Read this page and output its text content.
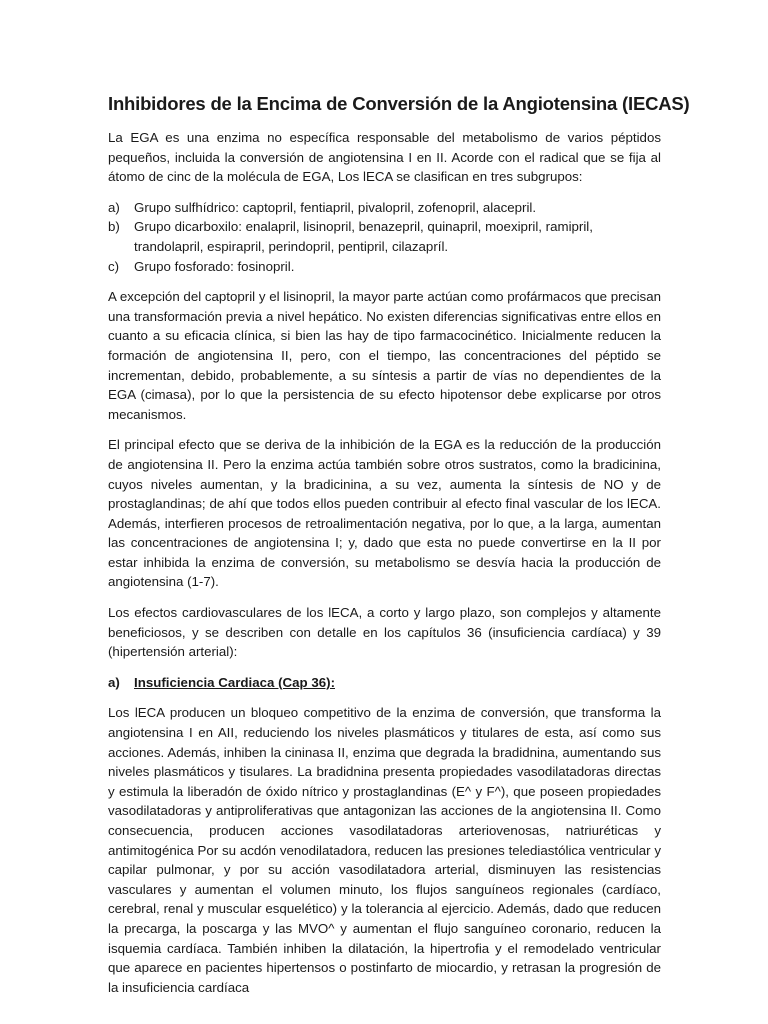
Inhibidores de la Encima de Conversión de la Angiotensina (IECAS)

La EGA es una enzima no específica responsable del metabolismo de varios péptidos pequeños, incluida la conversión de angiotensina I en II. Acorde con el radical que se fija al átomo de cinc de la molécula de EGA, Los lECA se clasifican en tres subgrupos:

a) Grupo sulfhídrico: captopril, fentiapril, pivalopril, zofenopril, alacepril.
b) Grupo dicarboxilo: enalapril, lisinopril, benazepril, quinapril, moexipril, ramipril, trandolapril, espirapril, perindopril, pentipril, cilazapríl.
c) Grupo fosforado: fosinopril.

A excepción del captopril y el lisinopril, la mayor parte actúan como profármacos que precisan una transformación previa a nivel hepático. No existen diferencias significativas entre ellos en cuanto a su eficacia clínica, si bien las hay de tipo farmacocinético. Inicialmente reducen la formación de angiotensina II, pero, con el tiempo, las concentraciones del péptido se incrementan, debido, probablemente, a su síntesis a partir de vías no dependientes de la EGA (cimasa), por lo que la persistencia de su efecto hipotensor debe explicarse por otros mecanismos.

El principal efecto que se deriva de la inhibición de la EGA es la reducción de la producción de angiotensina II. Pero la enzima actúa también sobre otros sustratos, como la bradicinina, cuyos niveles aumentan, y la bradicinina, a su vez, aumenta la síntesis de NO y de prostaglandinas; de ahí que todos ellos pueden contribuir al efecto final vascular de los lECA. Además, interfieren procesos de retroalimentación negativa, por lo que, a la larga, aumentan las concentraciones de angiotensina I; y, dado que esta no puede convertirse en la II por estar inhibida la enzima de conversión, su metabolismo se desvía hacia la producción de angiotensina (1-7).

Los efectos cardiovasculares de los lECA, a corto y largo plazo, son complejos y altamente beneficiosos, y se describen con detalle en los capítulos 36 (insuficiencia cardíaca) y 39 (hipertensión arterial):

a) Insuficiencia Cardiaca (Cap 36):

Los lECA producen un bloqueo competitivo de la enzima de conversión, que transforma la angiotensina I en AII, reduciendo los niveles plasmáticos y titulares de esta, así como sus acciones. Además, inhiben la cininasa II, enzima que degrada la bradidnina, aumentando sus niveles plasmáticos y tisulares. La bradidnina presenta propiedades vasodilatadoras directas y estimula la liberadón de óxido nítrico y prostaglandinas (E^ y F^), que poseen propiedades vasodilatadoras y antiproliferativas que antagonizan las acciones de la angiotensina II. Como consecuencia, producen acciones vasodilatadoras arteriovenosas, natriuréticas y antimitogénica Por su acdón venodilatadora, reducen las presiones telediastólica ventricular y capilar pulmonar, y por su acción vasodilatadora arterial, disminuyen las resistencias vasculares y aumentan el volumen minuto, los flujos sanguíneos regionales (cardíaco, cerebral, renal y muscular esquelético) y la tolerancia al ejercicio. Además, dado que reducen la precarga, la poscarga y las MVO^ y aumentan el flujo sanguíneo coronario, reducen la isquemia cardíaca. También inhiben la dilatación, la hipertrofia y el remodelado ventricular que aparece en pacientes hipertensos o postinfarto de miocardio, y retrasan la progresión de la insuficiencia cardíaca
